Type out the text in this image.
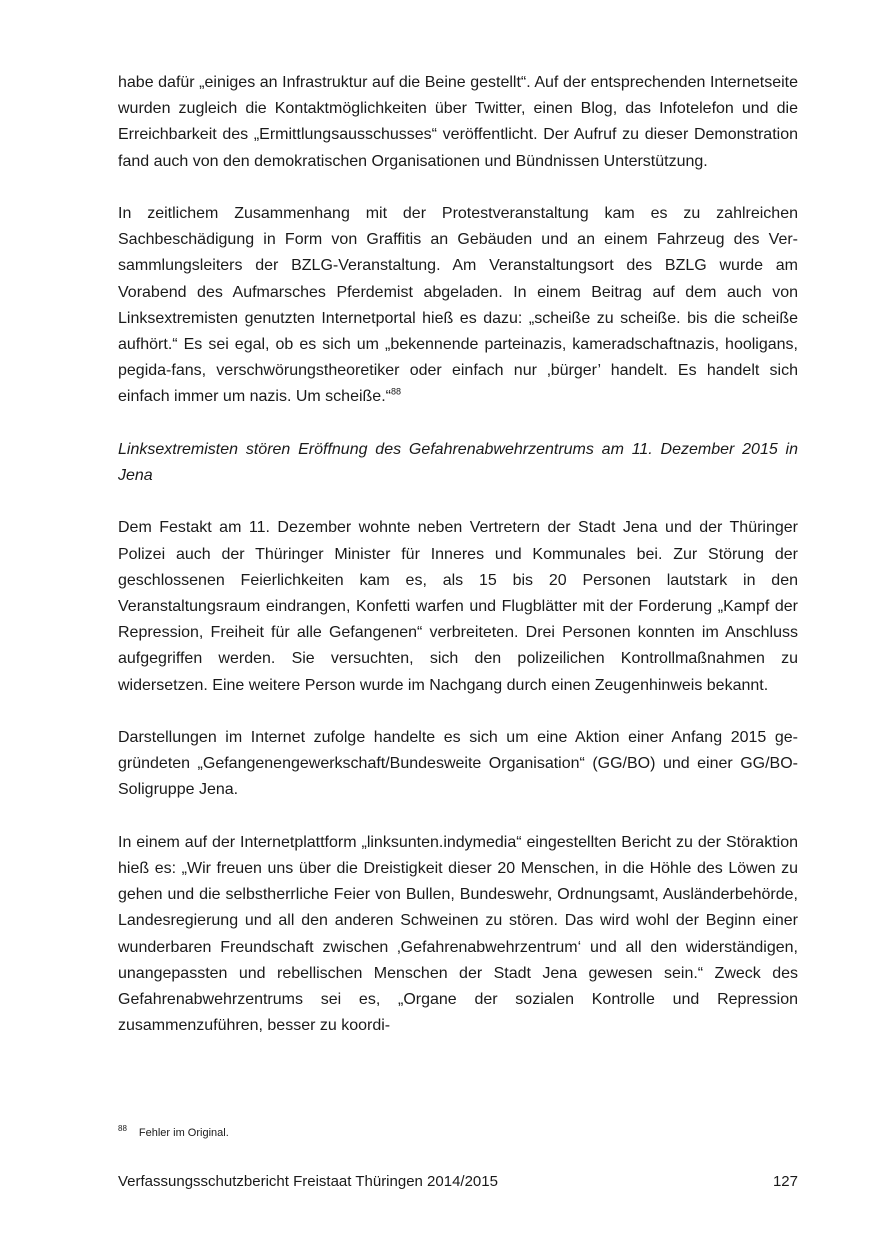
habe dafür „einiges an Infrastruktur auf die Beine gestellt“. Auf der entsprechenden Internetseite wurden zugleich die Kontaktmöglichkeiten über Twitter, einen Blog, das Infotelefon und die Erreichbarkeit des „Ermittlungsausschusses“ veröffentlicht. Der Aufruf zu dieser Demonstration fand auch von den demokratischen Organisationen und Bündnissen Unterstützung.

In zeitlichem Zusammenhang mit der Protestveranstaltung kam es zu zahlreichen Sachbeschädigung in Form von Graffitis an Gebäuden und an einem Fahrzeug des Versammlungsleiters der BZLG-Veranstaltung. Am Veranstaltungsort des BZLG wurde am Vorabend des Aufmarsches Pferdemist abgeladen. In einem Beitrag auf dem auch von Linksextremisten genutzten Internetportal hieß es dazu: „scheiße zu scheiße. bis die scheiße aufhört.“ Es sei egal, ob es sich um „bekennende parteinazis, kameradschaftnazis, hooligans, pegida-fans, verschwörungstheoretiker oder einfach nur ‚bürger’ handelt. Es handelt sich einfach immer um nazis. Um scheiße.“$^{88}$

Linksextremisten stören Eröffnung des Gefahrenabwehrzentrums am 11. Dezember 2015 in Jena

Dem Festakt am 11. Dezember wohnte neben Vertretern der Stadt Jena und der Thüringer Polizei auch der Thüringer Minister für Inneres und Kommunales bei. Zur Störung der geschlossenen Feierlichkeiten kam es, als 15 bis 20 Personen lautstark in den Veranstaltungsraum eindrangen, Konfetti warfen und Flugblätter mit der Forderung „Kampf der Repression, Freiheit für alle Gefangenen“ verbreiteten. Drei Personen konnten im Anschluss aufgegriffen werden. Sie versuchten, sich den polizeilichen Kontrollmaßnahmen zu widersetzen. Eine weitere Person wurde im Nachgang durch einen Zeugenhinweis bekannt.

Darstellungen im Internet zufolge handelte es sich um eine Aktion einer Anfang 2015 ge-gründeten „Gefangenengewerkschaft/Bundesweite Organisation“ (GG/BO) und einer GG/BO-Soligruppe Jena.

In einem auf der Internetplattform „linksunten.indymedia“ eingestellten Bericht zu der Störaktion hieß es: „Wir freuen uns über die Dreistigkeit dieser 20 Menschen, in die Höhle des Löwen zu gehen und die selbstherrliche Feier von Bullen, Bundeswehr, Ordnungsamt, Ausländerbehörde, Landesregierung und all den anderen Schweinen zu stören. Das wird wohl der Beginn einer wunderbaren Freundschaft zwischen ‚Gefahrenabwehrzentrum‘ und all den widerständigen, unangepassten und rebellischen Menschen der Stadt Jena gewesen sein.“ Zweck des Gefahrenabwehrzentrums sei es, „Organe der sozialen Kontrolle und Repression zusammenzuführen, besser zu koordi-

$^{88}$ Fehler im Original.
Verfassungsschutzbericht Freistaat Thüringen 2014/2015	127
